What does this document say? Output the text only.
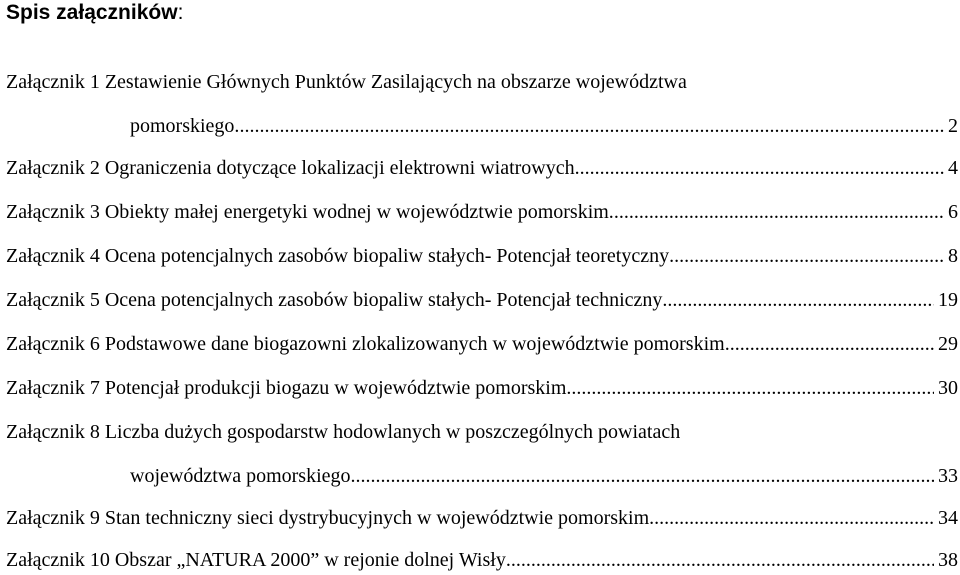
Spis załączników:
Załącznik 1 Zestawienie Głównych Punktów Zasilających na obszarze województwa
pomorskiego. .....	2
Załącznik 2 Ograniczenia dotyczące lokalizacji elektrowni wiatrowych. .....	4
Załącznik 3 Obiekty małej energetyki wodnej w województwie pomorskim. .....	6
Załącznik 4 Ocena potencjalnych zasobów biopaliw stałych- Potencjał teoretyczny .....	8
Załącznik 5 Ocena potencjalnych zasobów biopaliw stałych- Potencjał techniczny .....	19
Załącznik 6 Podstawowe dane biogazowni zlokalizowanych w województwie pomorskim .....	29
Załącznik 7 Potencjał produkcji biogazu w województwie pomorskim .....	30
Załącznik 8 Liczba dużych gospodarstw hodowlanych w poszczególnych powiatach
województwa pomorskiego. .....	33
Załącznik 9 Stan techniczny sieci dystrybucyjnych w województwie pomorskim .....	34
Załącznik 10 Obszar „NATURA 2000” w rejonie dolnej Wisły .....	38
